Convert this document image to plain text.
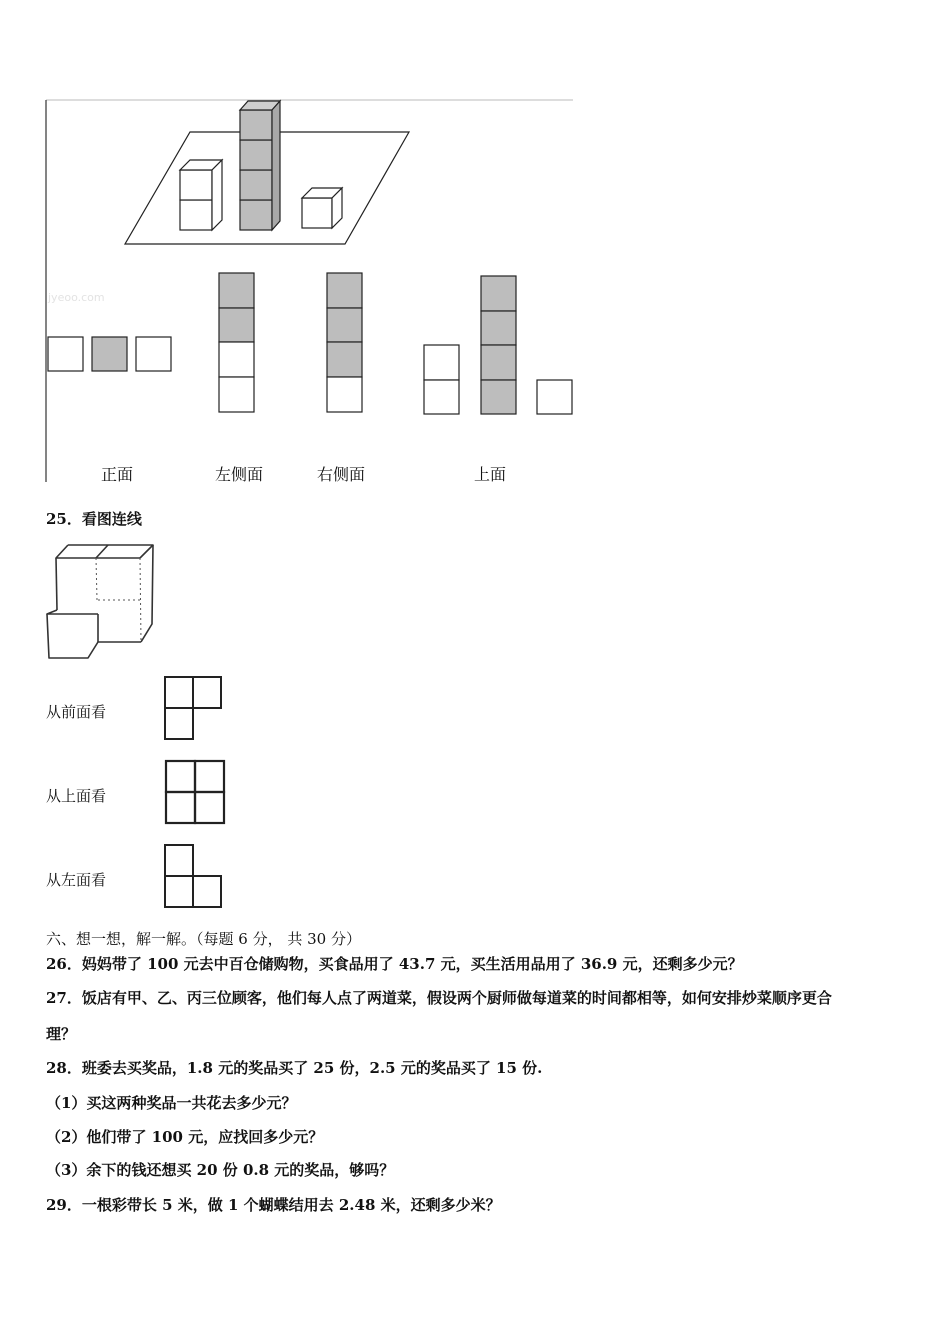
jyeoo.com
正面	左侧面	右侧面	上面
25．看图连线
从前面看
从上面看
从左面看
六、想一想，解一解。（每题 6 分， 共 30 分）
26．妈妈带了 100 元去中百仓储购物，买食品用了 43.7 元，买生活用品用了 36.9 元，还剩多少元？
27．饭店有甲、乙、丙三位顾客，他们每人点了两道菜，假设两个厨师做每道菜的时间都相等，如何安排炒菜顺序更合
理？
28．班委去买奖品，1.8 元的奖品买了 25 份，2.5 元的奖品买了 15 份.
（1）买这两种奖品一共花去多少元？
（2）他们带了 100 元，应找回多少元？
（3）余下的钱还想买 20 份 0.8 元的奖品，够吗？
29．一根彩带长 5 米，做 1 个蝴蝶结用去 2.48 米，还剩多少米？
